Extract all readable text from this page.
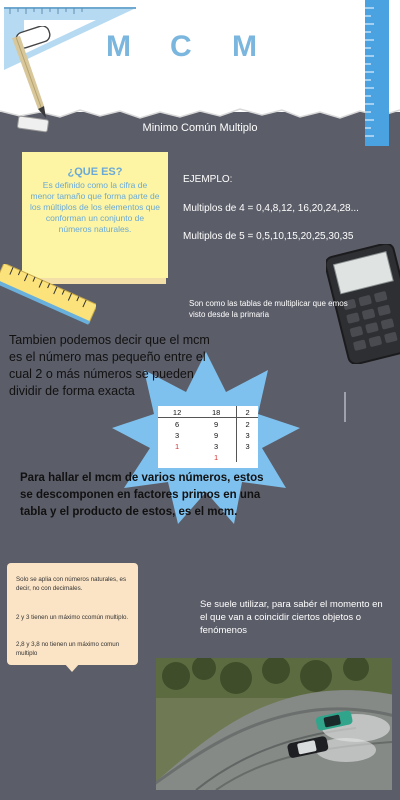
M C M
Minimo Común Multiplo
¿QUE ES?
Es definido como la cifra de menor tamaño que forma parte de los múltiplos de los elementos que conforman un conjunto de números naturales.
EJEMPLO:
Multiplos de 4 = 0,4,8,12, 16,20,24,28...
Multiplos de 5 = 0,5,10,15,20,25,30,35
Son como las tablas de multiplicar que emos visto desde la primaria
Tambien podemos decir que el mcm es el número mas pequeño entre el cual 2 o más números se pueden dividir de forma exacta
12	18	2
6	9	2
3	9	3
1	3	3
	1	
Para hallar el mcm de varios números, estos se descomponen en factores primos en una tabla y el producto de estos, es el mcm.

Solo se aplia con números naturales, es decir, no con decimales.

2 y 3 tienen un máximo ccomún multiplo.

2,8 y 3,8 no tienen un máximo comun multiplo

Se suele utilizar, para sabér el momento en el que van a coincidir ciertos objetos o fenómenos
